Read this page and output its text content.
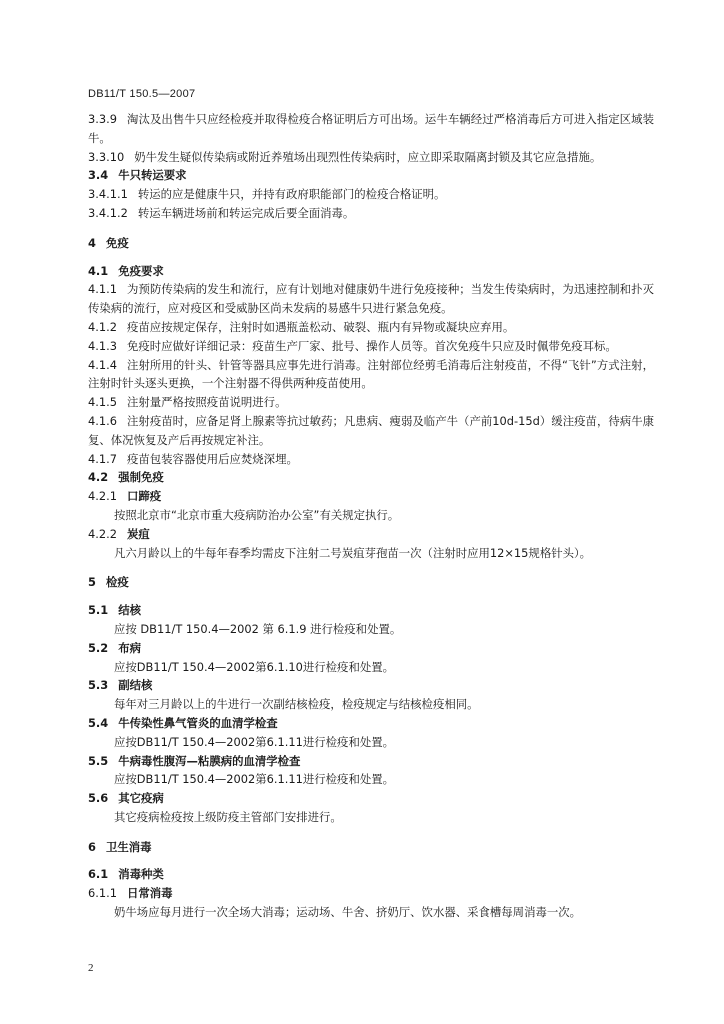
DB11/T 150.5—2007
3.3.9 淘汰及出售牛只应经检疫并取得检疫合格证明后方可出场。运牛车辆经过严格消毒后方可进入指定区域装牛。
3.3.10 奶牛发生疑似传染病或附近养殖场出现烈性传染病时，应立即采取隔离封锁及其它应急措施。
3.4 牛只转运要求
3.4.1.1 转运的应是健康牛只，并持有政府职能部门的检疫合格证明。
3.4.1.2 转运车辆进场前和转运完成后要全面消毒。
4 免疫
4.1 免疫要求
4.1.1 为预防传染病的发生和流行，应有计划地对健康奶牛进行免疫接种；当发生传染病时，为迅速控制和扑灭传染病的流行，应对疫区和受威胁区尚未发病的易感牛只进行紧急免疫。
4.1.2 疫苗应按规定保存，注射时如遇瓶盖松动、破裂、瓶内有异物或凝块应弃用。
4.1.3 免疫时应做好详细记录：疫苗生产厂家、批号、操作人员等。首次免疫牛只应及时佩带免疫耳标。
4.1.4 注射所用的针头、针管等器具应事先进行消毒。注射部位经剪毛消毒后注射疫苗，不得“飞针”方式注射，注射时针头逐头更换，一个注射器不得供两种疫苗使用。
4.1.5 注射量严格按照疫苗说明进行。
4.1.6 注射疫苗时，应备足肾上腺素等抗过敏药；凡患病、瘦弱及临产牛（产前10d-15d）缓注疫苗，待病牛康复、体况恢复及产后再按规定补注。
4.1.7 疫苗包装容器使用后应焚烧深埋。
4.2 强制免疫
4.2.1 口蹄疫
按照北京市“北京市重大疫病防治办公室”有关规定执行。
4.2.2 炭疽
凡六月龄以上的牛每年春季均需皮下注射二号炭疽芽孢苗一次（注射时应用12×15规格针头）。
5 检疫
5.1 结核
应按 DB11/T 150.4—2002 第 6.1.9 进行检疫和处置。
5.2 布病
应按DB11/T 150.4—2002第6.1.10进行检疫和处置。
5.3 副结核
每年对三月龄以上的牛进行一次副结核检疫，检疫规定与结核检疫相同。
5.4 牛传染性鼻气管炎的血清学检查
应按DB11/T 150.4—2002第6.1.11进行检疫和处置。
5.5 牛病毒性腹泻—粘膜病的血清学检查
应按DB11/T 150.4—2002第6.1.11进行检疫和处置。
5.6 其它疫病
其它疫病检疫按上级防疫主管部门安排进行。
6 卫生消毒
6.1 消毒种类
6.1.1 日常消毒
奶牛场应每月进行一次全场大消毒；运动场、牛舍、挤奶厅、饮水器、采食槽每周消毒一次。
2
